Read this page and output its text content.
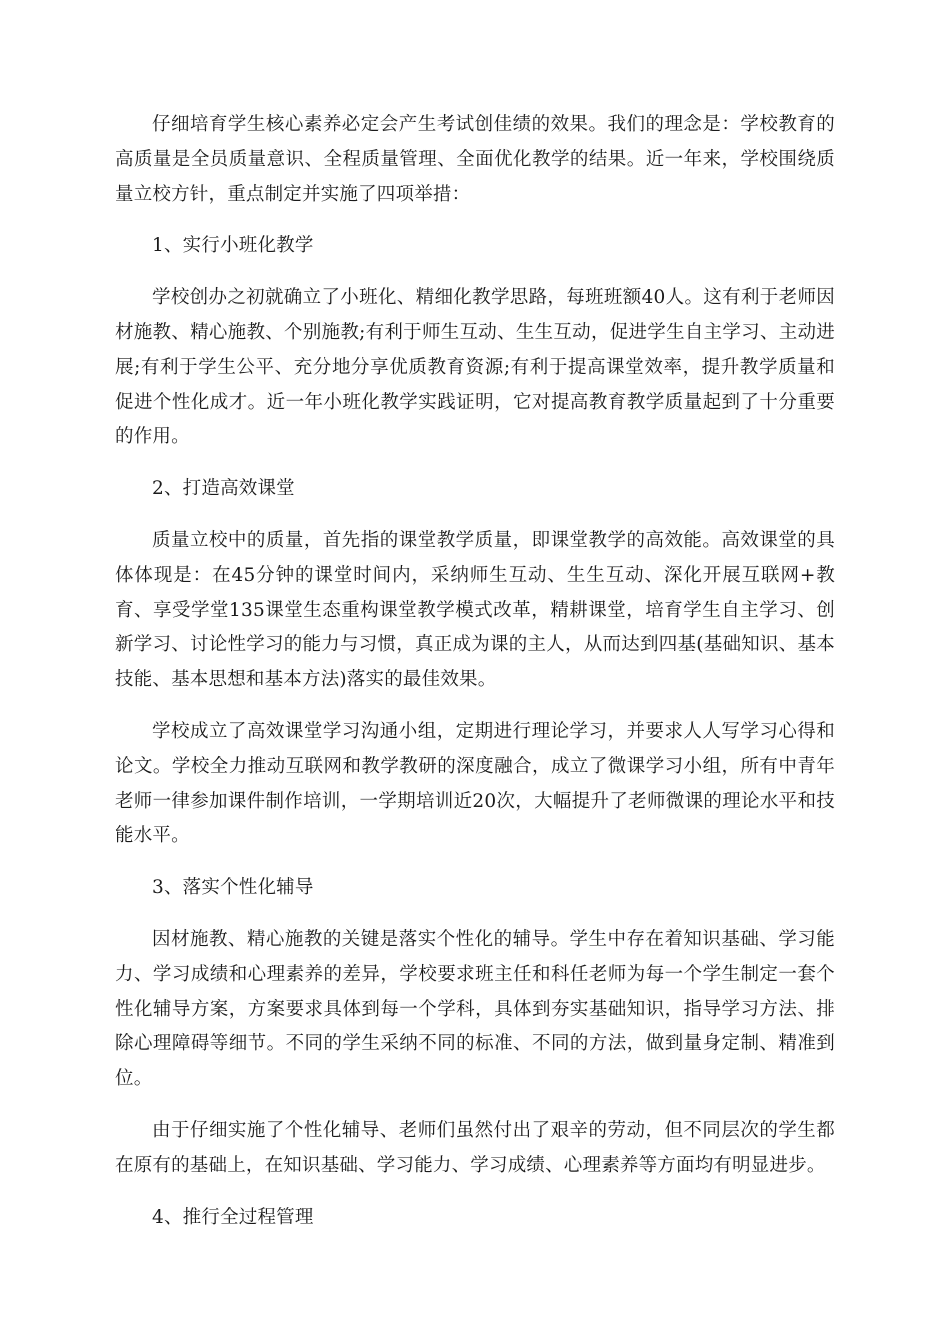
仔细培育学生核心素养必定会产生考试创佳绩的效果。我们的理念是：学校教育的高质量是全员质量意识、全程质量管理、全面优化教学的结果。近一年来，学校围绕质量立校方针，重点制定并实施了四项举措：

1、实行小班化教学

学校创办之初就确立了小班化、精细化教学思路，每班班额40人。这有利于老师因材施教、精心施教、个别施教;有利于师生互动、生生互动，促进学生自主学习、主动进展;有利于学生公平、充分地分享优质教育资源;有利于提高课堂效率，提升教学质量和促进个性化成才。近一年小班化教学实践证明，它对提高教育教学质量起到了十分重要的作用。

2、打造高效课堂

质量立校中的质量，首先指的课堂教学质量，即课堂教学的高效能。高效课堂的具体体现是：在45分钟的课堂时间内，采纳师生互动、生生互动、深化开展互联网+教育、享受学堂135课堂生态重构课堂教学模式改革，精耕课堂，培育学生自主学习、创新学习、讨论性学习的能力与习惯，真正成为课的主人，从而达到四基(基础知识、基本技能、基本思想和基本方法)落实的最佳效果。

学校成立了高效课堂学习沟通小组，定期进行理论学习，并要求人人写学习心得和论文。学校全力推动互联网和教学教研的深度融合，成立了微课学习小组，所有中青年老师一律参加课件制作培训，一学期培训近20次，大幅提升了老师微课的理论水平和技能水平。

3、落实个性化辅导

因材施教、精心施教的关键是落实个性化的辅导。学生中存在着知识基础、学习能力、学习成绩和心理素养的差异，学校要求班主任和科任老师为每一个学生制定一套个性化辅导方案，方案要求具体到每一个学科，具体到夯实基础知识，指导学习方法、排除心理障碍等细节。不同的学生采纳不同的标准、不同的方法，做到量身定制、精准到位。

由于仔细实施了个性化辅导、老师们虽然付出了艰辛的劳动，但不同层次的学生都在原有的基础上，在知识基础、学习能力、学习成绩、心理素养等方面均有明显进步。

4、推行全过程管理
